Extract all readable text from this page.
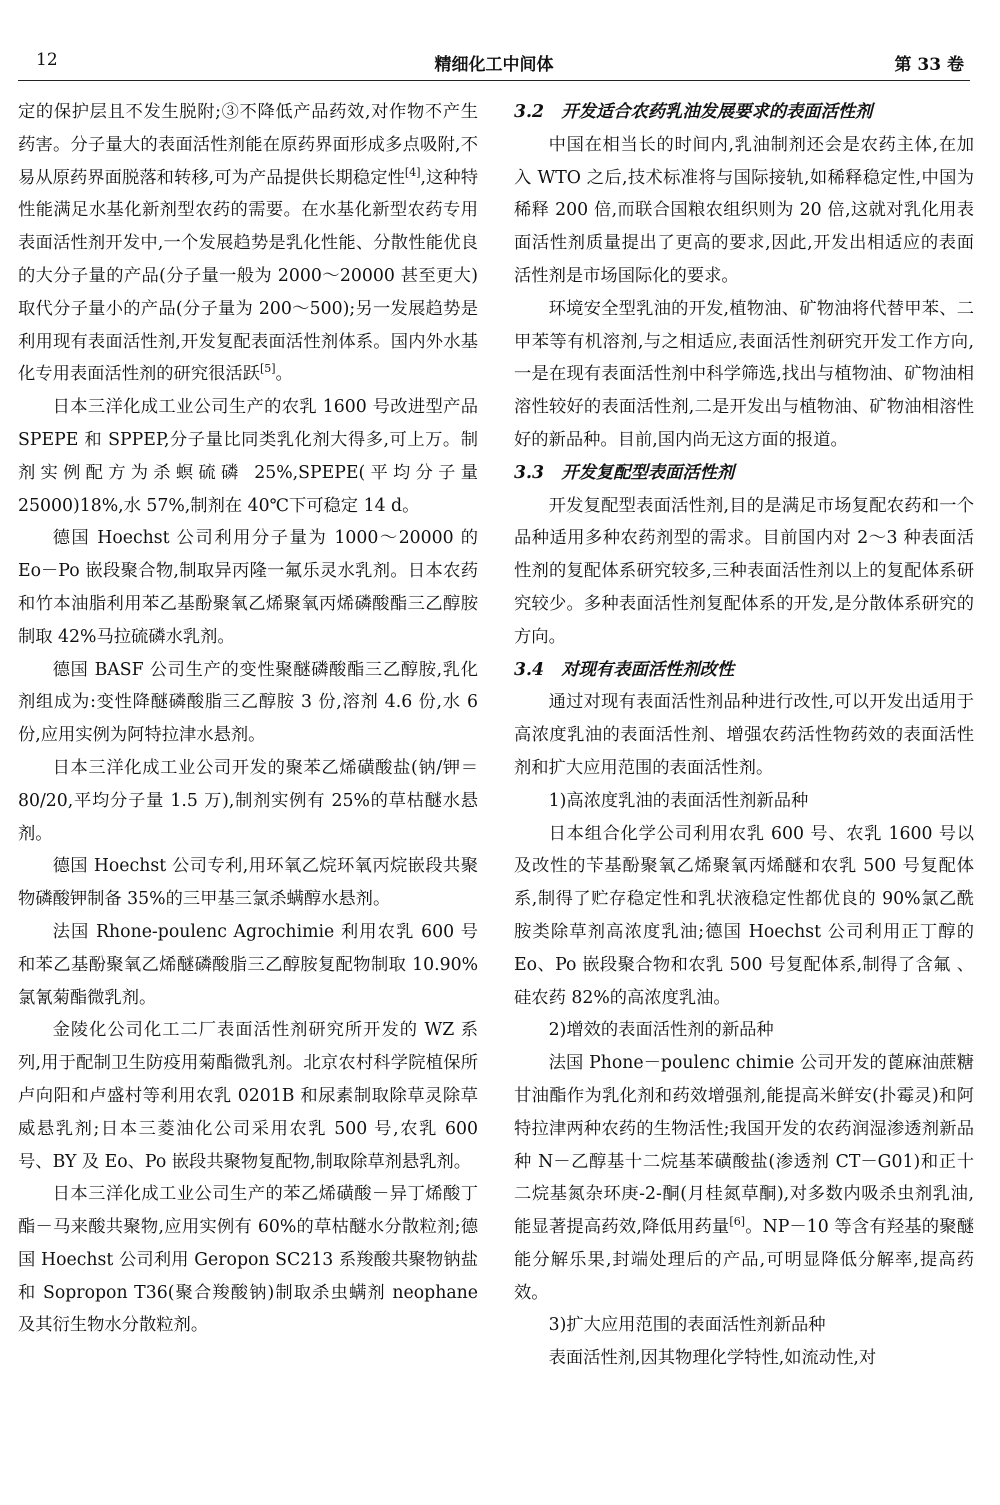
12	精细化工中间体	第 33 卷

定的保护层且不发生脱附;③不降低产品药效,对作物不产生药害。分子量大的表面活性剂能在原药界面形成多点吸附,不易从原药界面脱落和转移,可为产品提供长期稳定性[4],这种特性能满足水基化新剂型农药的需要。在水基化新型农药专用表面活性剂开发中,一个发展趋势是乳化性能、分散性能优良的大分子量的产品(分子量一般为 2000～20000 甚至更大)取代分子量小的产品(分子量为 200～500);另一发展趋势是利用现有表面活性剂,开发复配表面活性剂体系。国内外水基化专用表面活性剂的研究很活跃[5]。

日本三洋化成工业公司生产的农乳 1600 号改进型产品 SPEPE 和 SPPEP,分子量比同类乳化剂大得多,可上万。制剂实例配方为杀螟硫磷 25%,SPEPE(平均分子量 25000)18%,水 57%,制剂在 40℃下可稳定 14 d。

德国 Hoechst 公司利用分子量为 1000～20000 的 Eo－Po 嵌段聚合物,制取异丙隆一氟乐灵水乳剂。日本农药和竹本油脂利用苯乙基酚聚氧乙烯聚氧丙烯磷酸酯三乙醇胺制取 42%马拉硫磷水乳剂。

德国 BASF 公司生产的变性聚醚磷酸酯三乙醇胺,乳化剂组成为:变性降醚磷酸脂三乙醇胺 3 份,溶剂 4.6 份,水 6 份,应用实例为阿特拉津水悬剂。

日本三洋化成工业公司开发的聚苯乙烯磺酸盐(钠/钾＝80/20,平均分子量 1.5 万),制剂实例有 25%的草枯醚水悬剂。

德国 Hoechst 公司专利,用环氧乙烷环氧丙烷嵌段共聚物磷酸钾制备 35%的三甲基三氯杀螨醇水悬剂。

法国 Rhone-poulenc Agrochimie 利用农乳 600 号和苯乙基酚聚氧乙烯醚磷酸脂三乙醇胺复配物制取 10.90%氯氰菊酯微乳剂。

金陵化公司化工二厂表面活性剂研究所开发的 WZ 系列,用于配制卫生防疫用菊酯微乳剂。北京农村科学院植保所卢向阳和卢盛村等利用农乳 0201B 和尿素制取除草灵除草威悬乳剂;日本三菱油化公司采用农乳 500 号,农乳 600 号、BY 及 Eo、Po 嵌段共聚物复配物,制取除草剂悬乳剂。

日本三洋化成工业公司生产的苯乙烯磺酸－异丁烯酸丁酯－马来酸共聚物,应用实例有 60%的草枯醚水分散粒剂;德国 Hoechst 公司利用 Geropon SC213 系羧酸共聚物钠盐和 Sopropon T36(聚合羧酸钠)制取杀虫螨剂 neophane 及其衍生物水分散粒剂。

3.2　开发适合农药乳油发展要求的表面活性剂

中国在相当长的时间内,乳油制剂还会是农药主体,在加入 WTO 之后,技术标准将与国际接轨,如稀释稳定性,中国为稀释 200 倍,而联合国粮农组织则为 20 倍,这就对乳化用表面活性剂质量提出了更高的要求,因此,开发出相适应的表面活性剂是市场国际化的要求。

环境安全型乳油的开发,植物油、矿物油将代替甲苯、二甲苯等有机溶剂,与之相适应,表面活性剂研究开发工作方向,一是在现有表面活性剂中科学筛选,找出与植物油、矿物油相溶性较好的表面活性剂,二是开发出与植物油、矿物油相溶性好的新品种。目前,国内尚无这方面的报道。

3.3　开发复配型表面活性剂

开发复配型表面活性剂,目的是满足市场复配农药和一个品种适用多种农药剂型的需求。目前国内对 2～3 种表面活性剂的复配体系研究较多,三种表面活性剂以上的复配体系研究较少。多种表面活性剂复配体系的开发,是分散体系研究的方向。

3.4　对现有表面活性剂改性

通过对现有表面活性剂品种进行改性,可以开发出适用于高浓度乳油的表面活性剂、增强农药活性物药效的表面活性剂和扩大应用范围的表面活性剂。

1)高浓度乳油的表面活性剂新品种

日本组合化学公司利用农乳 600 号、农乳 1600 号以及改性的苄基酚聚氧乙烯聚氧丙烯醚和农乳 500 号复配体系,制得了贮存稳定性和乳状液稳定性都优良的 90%氯乙酰胺类除草剂高浓度乳油;德国 Hoechst 公司利用正丁醇的 Eo、Po 嵌段聚合物和农乳 500 号复配体系,制得了含氟 、硅农药 82%的高浓度乳油。

2)增效的表面活性剂的新品种

法国 Phone－poulenc chimie 公司开发的蓖麻油蔗糖甘油酯作为乳化剂和药效增强剂,能提高米鲜安(扑霉灵)和阿特拉津两种农药的生物活性;我国开发的农药润湿渗透剂新品种 N－乙醇基十二烷基苯磺酸盐(渗透剂 CT－G01)和正十二烷基氮杂环庚-2-酮(月桂氮草酮),对多数内吸杀虫剂乳油,能显著提高药效,降低用药量[6]。NP－10 等含有羟基的聚醚能分解乐果,封端处理后的产品,可明显降低分解率,提高药效。

3)扩大应用范围的表面活性剂新品种

表面活性剂,因其物理化学特性,如流动性,对
